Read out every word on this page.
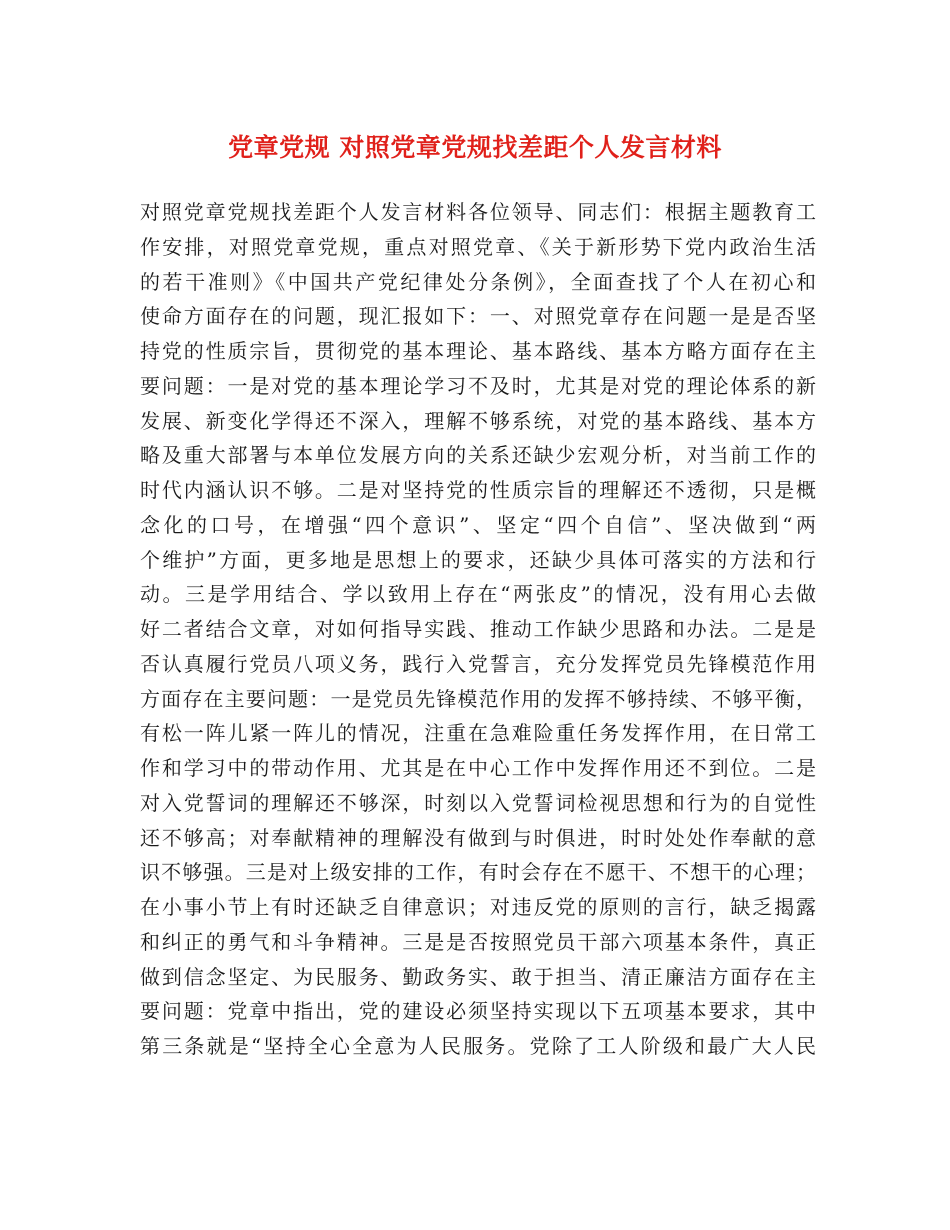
党章党规 对照党章党规找差距个人发言材料
对照党章党规找差距个人发言材料各位领导、同志们：根据主题教育工
作安排，对照党章党规，重点对照党章、《关于新形势下党内政治生活
的若干准则》《中国共产党纪律处分条例》，全面查找了个人在初心和
使命方面存在的问题，现汇报如下：一、对照党章存在问题一是是否坚
持党的性质宗旨，贯彻党的基本理论、基本路线、基本方略方面存在主
要问题：一是对党的基本理论学习不及时，尤其是对党的理论体系的新
发展、新变化学得还不深入，理解不够系统，对党的基本路线、基本方
略及重大部署与本单位发展方向的关系还缺少宏观分析，对当前工作的
时代内涵认识不够。二是对坚持党的性质宗旨的理解还不透彻，只是概
念化的口号，在增强“四个意识”、坚定“四个自信”、坚决做到“两
个维护”方面，更多地是思想上的要求，还缺少具体可落实的方法和行
动。三是学用结合、学以致用上存在“两张皮”的情况，没有用心去做
好二者结合文章，对如何指导实践、推动工作缺少思路和办法。二是是
否认真履行党员八项义务，践行入党誓言，充分发挥党员先锋模范作用
方面存在主要问题：一是党员先锋模范作用的发挥不够持续、不够平衡，
有松一阵儿紧一阵儿的情况，注重在急难险重任务发挥作用，在日常工
作和学习中的带动作用、尤其是在中心工作中发挥作用还不到位。二是
对入党誓词的理解还不够深，时刻以入党誓词检视思想和行为的自觉性
还不够高；对奉献精神的理解没有做到与时俱进，时时处处作奉献的意
识不够强。三是对上级安排的工作，有时会存在不愿干、不想干的心理；
在小事小节上有时还缺乏自律意识；对违反党的原则的言行，缺乏揭露
和纠正的勇气和斗争精神。三是是否按照党员干部六项基本条件，真正
做到信念坚定、为民服务、勤政务实、敢于担当、清正廉洁方面存在主
要问题：党章中指出，党的建设必须坚持实现以下五项基本要求，其中
第三条就是“坚持全心全意为人民服务。党除了工人阶级和最广大人民
